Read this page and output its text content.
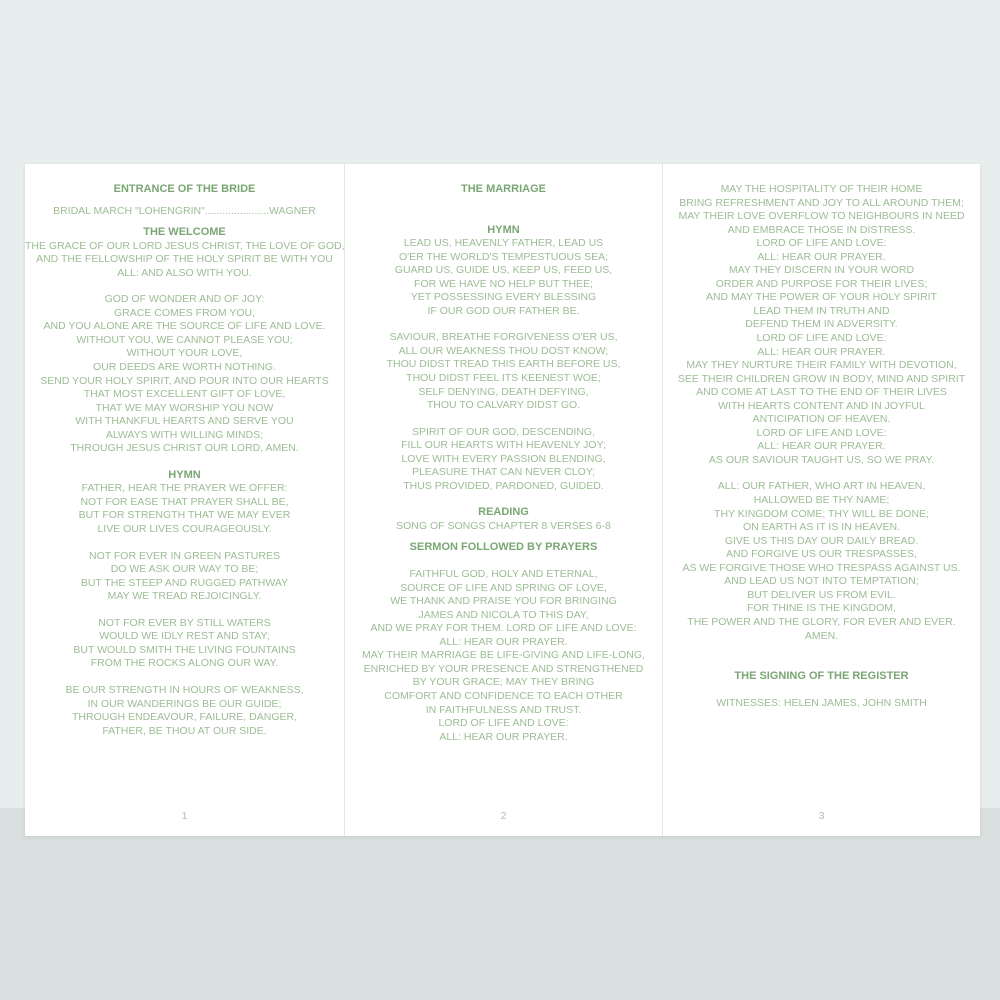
ENTRANCE OF THE BRIDE
BRIDAL MARCH "LOHENGRIN"......................WAGNER
THE WELCOME
THE GRACE OF OUR LORD JESUS CHRIST, THE LOVE OF GOD,
AND THE FELLOWSHIP OF THE HOLY SPIRIT BE WITH YOU
ALL: AND ALSO WITH YOU.
GOD OF WONDER AND OF JOY:
GRACE COMES FROM YOU,
AND YOU ALONE ARE THE SOURCE OF LIFE AND LOVE.
WITHOUT YOU, WE CANNOT PLEASE YOU;
WITHOUT YOUR LOVE,
OUR DEEDS ARE WORTH NOTHING.
SEND YOUR HOLY SPIRIT, AND POUR INTO OUR HEARTS
THAT MOST EXCELLENT GIFT OF LOVE,
THAT WE MAY WORSHIP YOU NOW
WITH THANKFUL HEARTS AND SERVE YOU
ALWAYS WITH WILLING MINDS;
THROUGH JESUS CHRIST OUR LORD, AMEN.
HYMN
FATHER, HEAR THE PRAYER WE OFFER:
NOT FOR EASE THAT PRAYER SHALL BE,
BUT FOR STRENGTH THAT WE MAY EVER
LIVE OUR LIVES COURAGEOUSLY.
NOT FOR EVER IN GREEN PASTURES
DO WE ASK OUR WAY TO BE;
BUT THE STEEP AND RUGGED PATHWAY
MAY WE TREAD REJOICINGLY.
NOT FOR EVER BY STILL WATERS
WOULD WE IDLY REST AND STAY;
BUT WOULD SMITH THE LIVING FOUNTAINS
FROM THE ROCKS ALONG OUR WAY.
BE OUR STRENGTH IN HOURS OF WEAKNESS,
IN OUR WANDERINGS BE OUR GUIDE;
THROUGH ENDEAVOUR, FAILURE, DANGER,
FATHER, BE THOU AT OUR SIDE.
1
THE MARRIAGE
HYMN
LEAD US, HEAVENLY FATHER, LEAD US
O'ER THE WORLD'S TEMPESTUOUS SEA;
GUARD US, GUIDE US, KEEP US, FEED US,
FOR WE HAVE NO HELP BUT THEE;
YET POSSESSING EVERY BLESSING
IF OUR GOD OUR FATHER BE.
SAVIOUR, BREATHE FORGIVENESS O'ER US,
ALL OUR WEAKNESS THOU DOST KNOW;
THOU DIDST TREAD THIS EARTH BEFORE US,
THOU DIDST FEEL ITS KEENEST WOE;
SELF DENYING, DEATH DEFYING,
THOU TO CALVARY DIDST GO.
SPIRIT OF OUR GOD, DESCENDING,
FILL OUR HEARTS WITH HEAVENLY JOY;
LOVE WITH EVERY PASSION BLENDING,
PLEASURE THAT CAN NEVER CLOY;
THUS PROVIDED, PARDONED, GUIDED.
READING
SONG OF SONGS CHAPTER 8 VERSES 6-8
SERMON FOLLOWED BY PRAYERS
FAITHFUL GOD, HOLY AND ETERNAL,
SOURCE OF LIFE AND SPRING OF LOVE,
WE THANK AND PRAISE YOU FOR BRINGING
JAMES AND NICOLA TO THIS DAY,
AND WE PRAY FOR THEM. LORD OF LIFE AND LOVE:
ALL: HEAR OUR PRAYER.
MAY THEIR MARRIAGE BE LIFE-GIVING AND LIFE-LONG,
ENRICHED BY YOUR PRESENCE AND STRENGTHENED
BY YOUR GRACE; MAY THEY BRING
COMFORT AND CONFIDENCE TO EACH OTHER
IN FAITHFULNESS AND TRUST.
LORD OF LIFE AND LOVE:
ALL: HEAR OUR PRAYER.
2
MAY THE HOSPITALITY OF THEIR HOME
BRING REFRESHMENT AND JOY TO ALL AROUND THEM;
MAY THEIR LOVE OVERFLOW TO NEIGHBOURS IN NEED
AND EMBRACE THOSE IN DISTRESS.
LORD OF LIFE AND LOVE:
ALL: HEAR OUR PRAYER.
MAY THEY DISCERN IN YOUR WORD
ORDER AND PURPOSE FOR THEIR LIVES;
AND MAY THE POWER OF YOUR HOLY SPIRIT
LEAD THEM IN TRUTH AND
DEFEND THEM IN ADVERSITY.
LORD OF LIFE AND LOVE:
ALL: HEAR OUR PRAYER.
MAY THEY NURTURE THEIR FAMILY WITH DEVOTION,
SEE THEIR CHILDREN GROW IN BODY, MIND AND SPIRIT
AND COME AT LAST TO THE END OF THEIR LIVES
WITH HEARTS CONTENT AND IN JOYFUL
ANTICIPATION OF HEAVEN.
LORD OF LIFE AND LOVE:
ALL: HEAR OUR PRAYER.
AS OUR SAVIOUR TAUGHT US, SO WE PRAY.
ALL: OUR FATHER, WHO ART IN HEAVEN,
HALLOWED BE THY NAME;
THY KINGDOM COME; THY WILL BE DONE;
ON EARTH AS IT IS IN HEAVEN.
GIVE US THIS DAY OUR DAILY BREAD.
AND FORGIVE US OUR TRESPASSES,
AS WE FORGIVE THOSE WHO TRESPASS AGAINST US.
AND LEAD US NOT INTO TEMPTATION;
BUT DELIVER US FROM EVIL.
FOR THINE IS THE KINGDOM,
THE POWER AND THE GLORY, FOR EVER AND EVER.
AMEN.
THE SIGNING OF THE REGISTER
WITNESSES: HELEN JAMES, JOHN SMITH
3
